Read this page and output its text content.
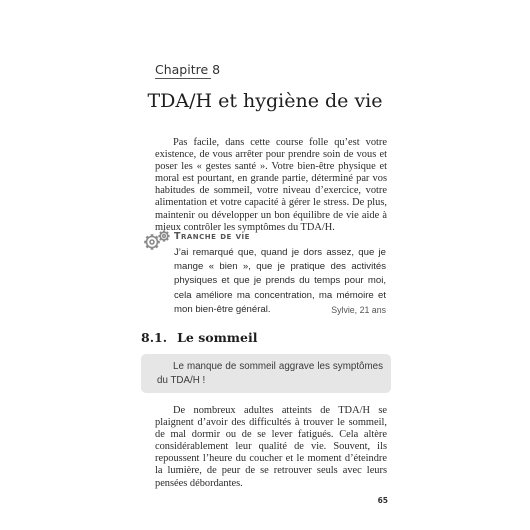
Chapitre 8
TDA/H et hygiène de vie

Pas facile, dans cette course folle qu’est votre existence, de vous arrêter pour prendre soin de vous et poser les « gestes santé ». Votre bien-être physique et moral est pourtant, en grande partie, déterminé par vos habitudes de sommeil, votre niveau d’exercice, votre alimentation et votre capacité à gérer le stress. De plus, maintenir ou développer un bon équilibre de vie aide à mieux contrôler les symptômes du TDA/H.

Tranche de vie
J’ai remarqué que, quand je dors assez, que je mange « bien », que je pratique des activités physiques et que je prends du temps pour moi, cela améliore ma concentration, ma mémoire et mon bien-être général.	Sylvie, 21 ans
8.1. Le sommeil
Le manque de sommeil aggrave les symptômes du TDA/H !

De nombreux adultes atteints de TDA/H se plaignent d’avoir des difficultés à trouver le sommeil, de mal dormir ou de se lever fatigués. Cela altère considérablement leur qualité de vie. Souvent, ils repoussent l’heure du coucher et le moment d’éteindre la lumière, de peur de se retrouver seuls avec leurs pensées débordantes.

65
